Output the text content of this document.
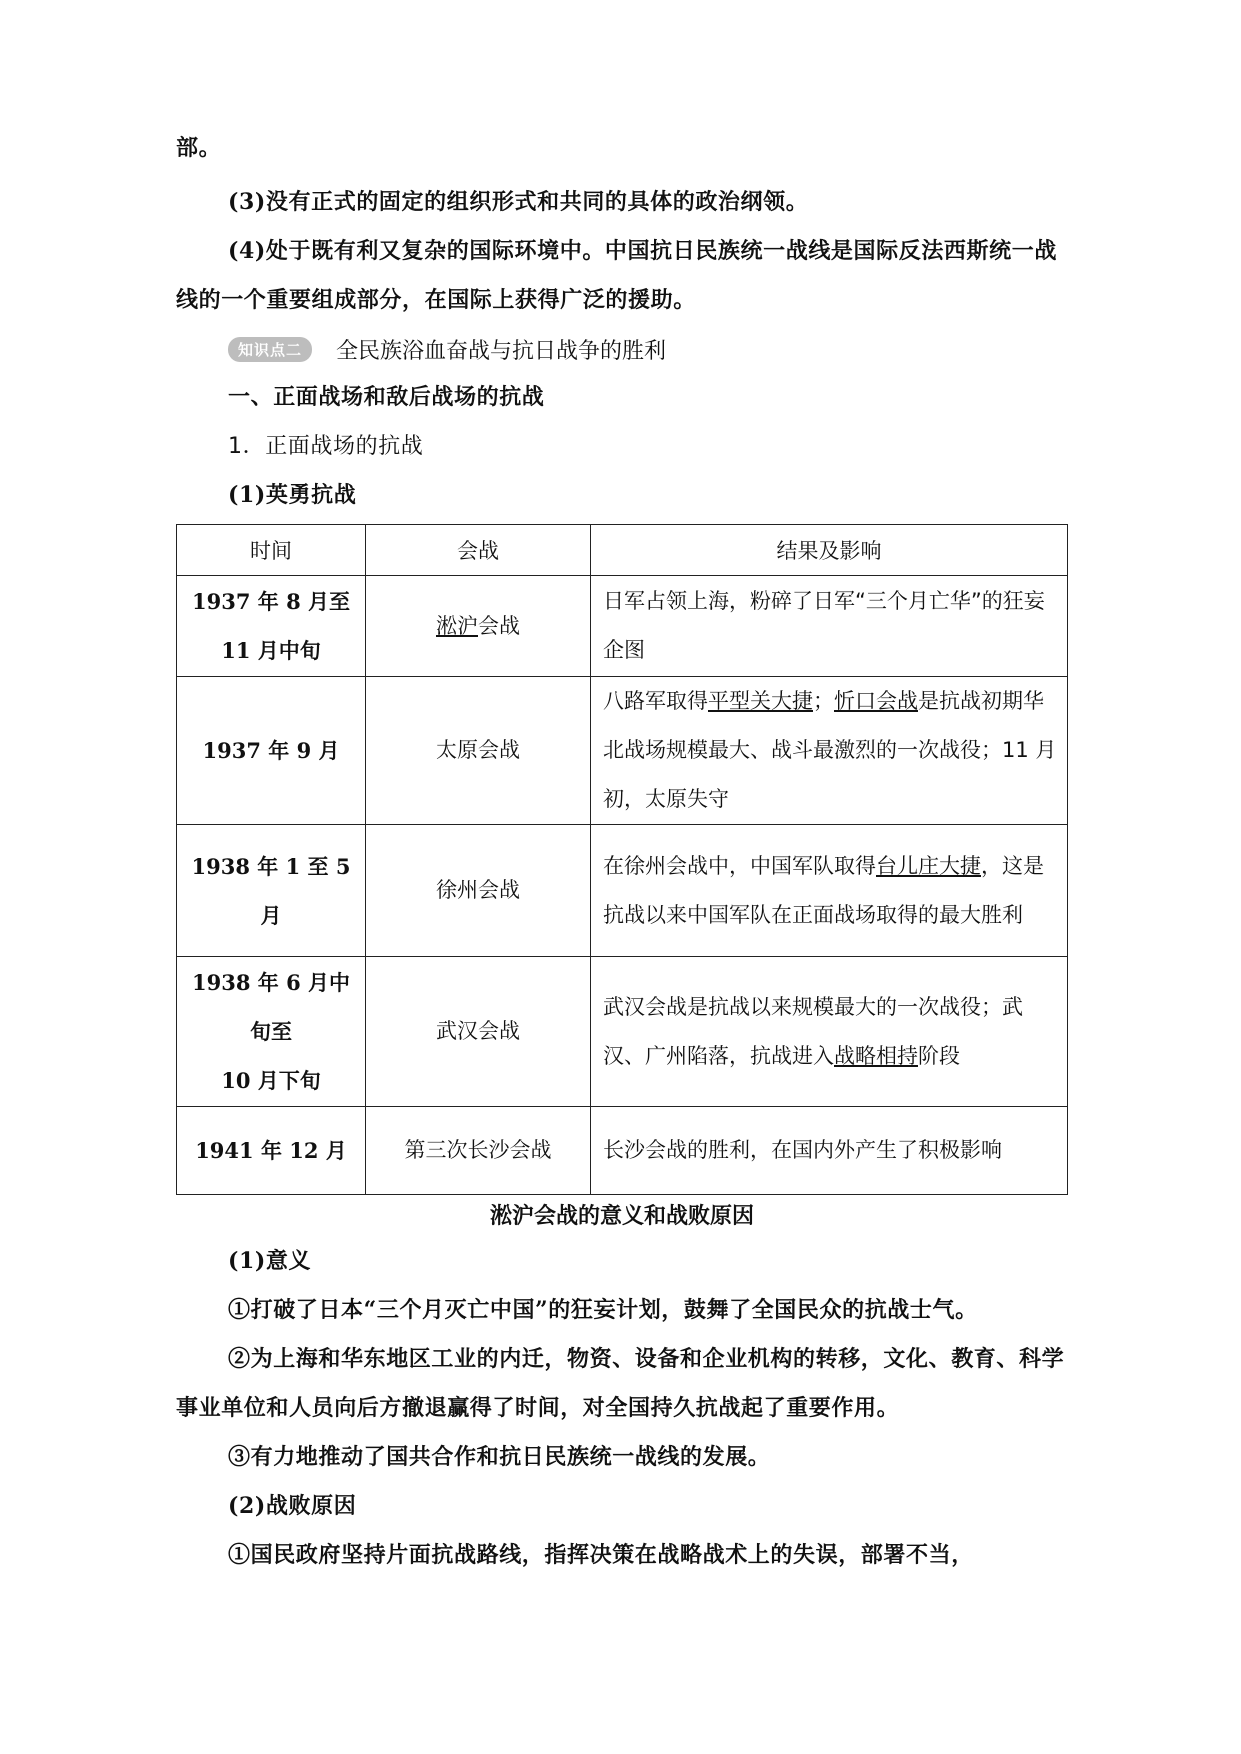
部。

(3)没有正式的固定的组织形式和共同的具体的政治纲领。

(4)处于既有利又复杂的国际环境中。中国抗日民族统一战线是国际反法西斯统一战线的一个重要组成部分，在国际上获得广泛的援助。

知识点二	全民族浴血奋战与抗日战争的胜利

一、正面战场和敌后战场的抗战

1．正面战场的抗战

(1)英勇抗战

时间	会战	结果及影响

1937 年 8 月至
11 月中旬	淞沪会战	日军占领上海，粉碎了日军“三个月亡华”的狂妄企图

1937 年 9 月	太原会战	八路军取得平型关大捷；忻口会战是抗战初期华北战场规模最大、战斗最激烈的一次战役；11 月初，太原失守

1938 年 1 至 5
月	徐州会战	在徐州会战中，中国军队取得台儿庄大捷，这是抗战以来中国军队在正面战场取得的最大胜利

1938 年 6 月中
旬至
10 月下旬	武汉会战	武汉会战是抗战以来规模最大的一次战役；武汉、广州陷落，抗战进入战略相持阶段

1941 年 12 月	第三次长沙会战	长沙会战的胜利，在国内外产生了积极影响
淞沪会战的意义和战败原因

(1)意义

①打破了日本“三个月灭亡中国”的狂妄计划，鼓舞了全国民众的抗战士气。

②为上海和华东地区工业的内迁，物资、设备和企业机构的转移，文化、教育、科学事业单位和人员向后方撤退赢得了时间，对全国持久抗战起了重要作用。

③有力地推动了国共合作和抗日民族统一战线的发展。

(2)战败原因

①国民政府坚持片面抗战路线，指挥决策在战略战术上的失误，部署不当，
